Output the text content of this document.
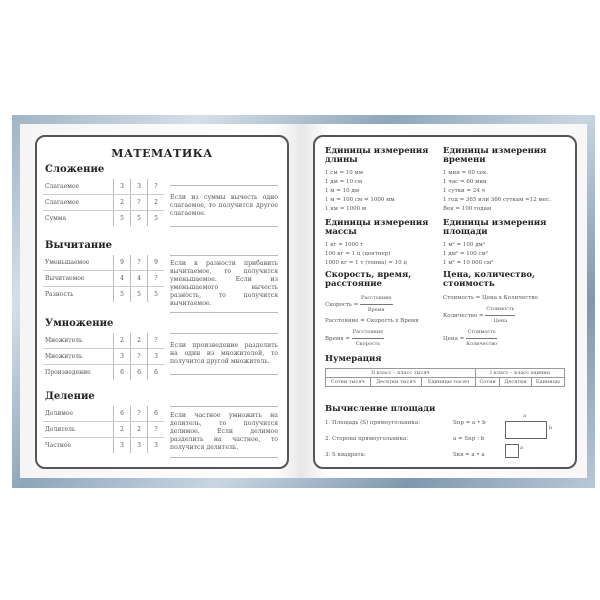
МАТЕМАТИКА
Сложение
Слагаемое	3	3	?
Слагаемое	2	?	2
Сумма	5	5	5
Если из суммы вычесть одно слагаемое, то получится другое слагаемое.
Вычитание
Уменьшаемое	9	?	9
Вычитаемое	4	4	?
Разность	5	5	5
Если к разности прибавить вычитаемое, то получится уменьшаемое. Если из уменьшаемого вычесть разность, то получится вычитаемое.
Умножение
Множитель	2	2	?
Множитель	3	?	3
Произведение	6	6	6
Если произведение разделить на один из множителей, то получится другой множитель.
Деление
Делимое	6	?	6
Делитель	2	2	?
Частное	3	3	3
Если частное умножить на делитель, то получится делимое. Если делимое разделить на частное, то получится делитель.
Единицы измерения длины
1 см = 10 мм
1 дм = 10 см
1 м = 10 дм
1 м = 100 см = 1000 мм
1 км = 1000 м
Единицы измерения времени
1 мин = 60 сек.
1 час = 60 мин
1 сутки = 24 ч
1 год = 365 или 366 суткам =12 мес.
Век = 100 годам
Единицы измерения массы
1 кг = 1000 г
100 кг = 1 ц (центнер)
1000 кг = 1 т (тонна) = 10 ц
Единицы измерения площади
1 м² = 100 дм²
1 дм² = 100 см²
1 м² = 10 000 см²
Скорость, время, расстояние
Скорость = $\frac{\text{Расстояние}}{\text{Время}}$
Расстояние = Скорость х Время
Время = $\frac{\text{Расстояние}}{\text{Скорость}}$
Цена, количество, стоимость
Стоимость = Цена х Количество
Количество = $\frac{\text{Стоимость}}{\text{Цена}}$
Цена = $\frac{\text{Стоимость}}{\text{Количество}}$
Нумерация
II класс – класс тысяч			I класс – класс единиц		
Сотни тысяч	Десятки тысяч	Единицы тысяч	Сотни	Десятки	Единицы
Вычисление площади
1. Площадь (S) прямоугольника:	Sпр = a • b
2. Сторона прямоугольника:	a = Sпр : b
3. S квадрата:	Sкв = a • a
a
b
a
